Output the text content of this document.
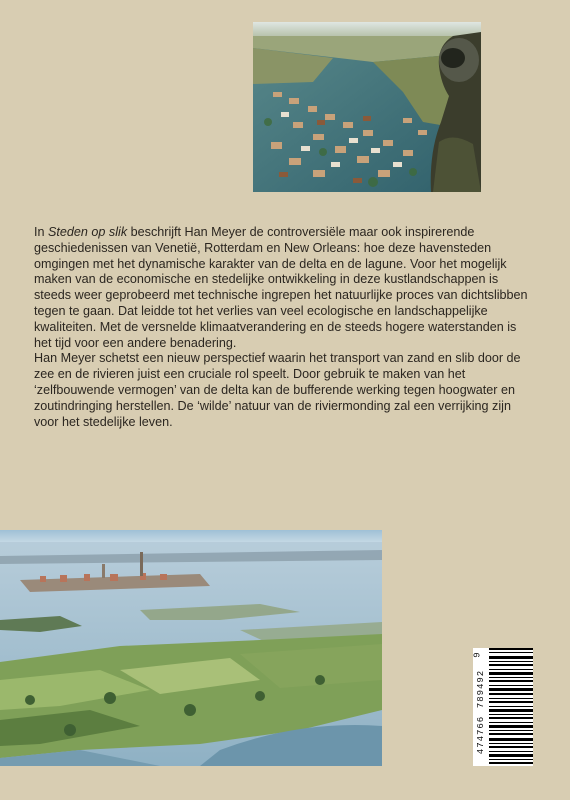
In Steden op slik beschrijft Han Meyer de controversiële maar ook inspirerende geschiedenissen van Venetië, Rotterdam en New Orleans: hoe deze havensteden omgingen met het dynamische karakter van de delta en de lagune. Voor het mogelijk maken van de economische en stedelijke ontwikkeling in deze kustlandschappen is steeds weer geprobeerd met technische ingrepen het natuurlijke proces van dichtslibben tegen te gaan. Dat leidde tot het verlies van veel ecologische en landschappelijke kwaliteiten. Met de versnelde klimaatverandering en de steeds hogere waterstanden is het tijd voor een andere benadering.

Han Meyer schetst een nieuw perspectief waarin het transport van zand en slib door de zee en de rivieren juist een cruciale rol speelt. Door gebruik te maken van het ‘zelfbouwende vermogen’ van de delta kan de bufferende werking tegen hoogwater en zoutindringing herstellen. De ‘wilde’ natuur van de riviermonding zal een verrijking zijn voor het stedelijke leven.

9
789492
474766
